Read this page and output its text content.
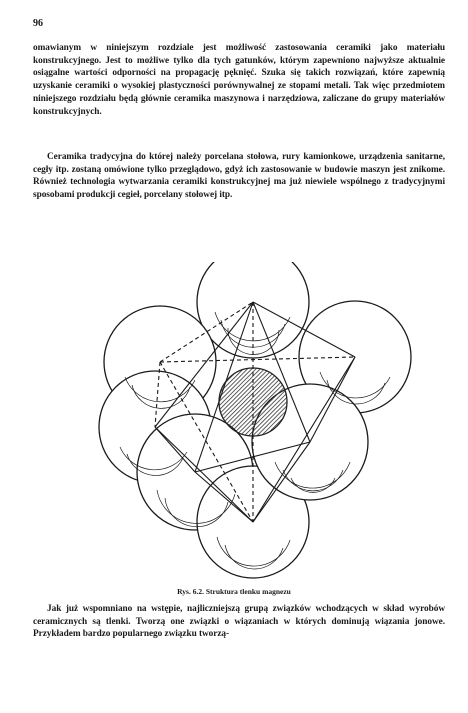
96

omawianym w niniejszym rozdziale jest możliwość zastosowania ceramiki jako materiału konstrukcyjnego. Jest to możliwe tylko dla tych gatunków, którym zapewniono najwyższe aktualnie osiągalne wartości odporności na propagację pęknięć. Szuka się takich rozwiązań, które zapewnią uzyskanie ceramiki o wysokiej plastyczności porównywalnej ze stopami metali. Tak więc przedmiotem niniejszego rozdziału będą głównie ceramika maszynowa i narzędziowa, zaliczane do grupy materiałów konstrukcyjnych.

Ceramika tradycyjna do której należy porcelana stołowa, rury kamionkowe, urządzenia sanitarne, cegły itp. zostaną omówione tylko przeglądowo, gdyż ich zastosowanie w budowie maszyn jest znikome. Również technologia wytwarzania ceramiki konstrukcyjnej ma już niewiele wspólnego z tradycyjnymi sposobami produkcji cegieł, porcelany stołowej itp.

Rys. 6.2. Struktura tlenku magnezu

Jak już wspomniano na wstępie, najliczniejszą grupą związków wchodzących w skład wyrobów ceramicznych są tlenki. Tworzą one związki o wiązaniach w których dominują wiązania jonowe. Przykładem bardzo popularnego związku tworzą-
